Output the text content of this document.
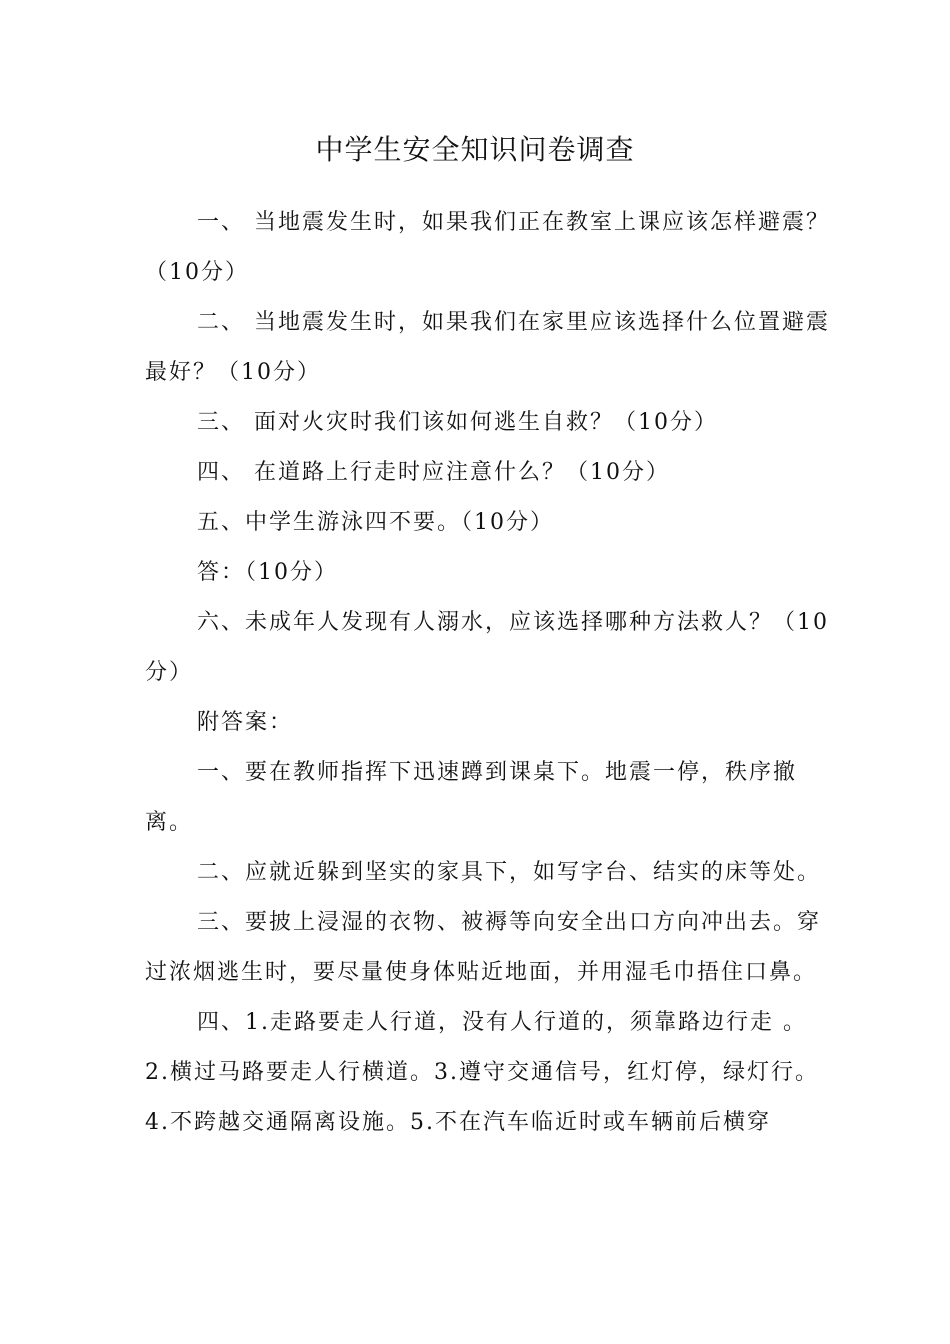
中学生安全知识问卷调查

一、 当地震发生时，如果我们正在教室上课应该怎样避震？（10分）

二、 当地震发生时，如果我们在家里应该选择什么位置避震最好？（10分）

三、 面对火灾时我们该如何逃生自救？（10分）

四、 在道路上行走时应注意什么？（10分）

五、中学生游泳四不要。（10分）

答：（10分）

六、未成年人发现有人溺水，应该选择哪种方法救人？（10分）

附答案：

一、要在教师指挥下迅速蹲到课桌下。地震一停，秩序撤离。

二、应就近躲到坚实的家具下，如写字台、结实的床等处。

三、要披上浸湿的衣物、被褥等向安全出口方向冲出去。穿过浓烟逃生时，要尽量使身体贴近地面，并用湿毛巾捂住口鼻。

四、1.走路要走人行道，没有人行道的，须靠路边行走 。2.横过马路要走人行横道。3.遵守交通信号，红灯停，绿灯行。4.不跨越交通隔离设施。5.不在汽车临近时或车辆前后横穿
